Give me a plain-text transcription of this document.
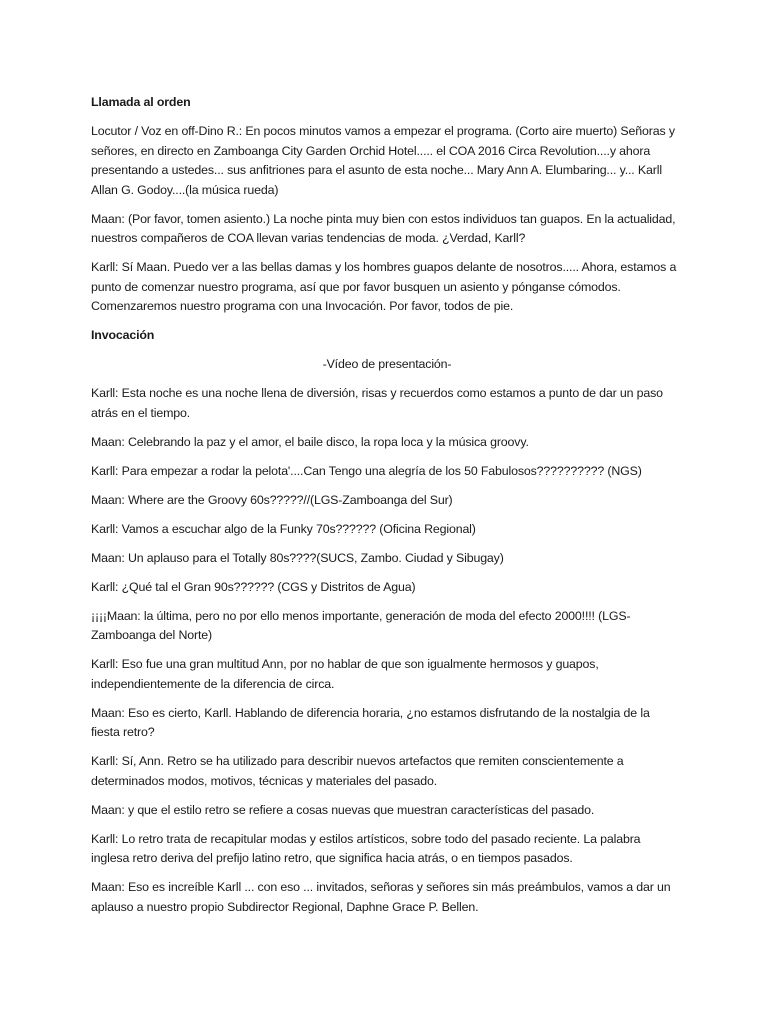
Llamada al orden

Locutor / Voz en off-Dino R.: En pocos minutos vamos a empezar el programa. (Corto aire muerto) Señoras y señores, en directo en Zamboanga City Garden Orchid Hotel..... el COA 2016 Circa Revolution....y ahora presentando a ustedes... sus anfitriones para el asunto de esta noche... Mary Ann A. Elumbaring... y... Karll Allan G. Godoy....(la música rueda)

Maan: (Por favor, tomen asiento.) La noche pinta muy bien con estos individuos tan guapos. En la actualidad, nuestros compañeros de COA llevan varias tendencias de moda. ¿Verdad, Karll?

Karll: Sí Maan. Puedo ver a las bellas damas y los hombres guapos delante de nosotros..... Ahora, estamos a punto de comenzar nuestro programa, así que por favor busquen un asiento y pónganse cómodos. Comenzaremos nuestro programa con una Invocación. Por favor, todos de pie.

Invocación

-Vídeo de presentación-

Karll: Esta noche es una noche llena de diversión, risas y recuerdos como estamos a punto de dar un paso atrás en el tiempo.

Maan: Celebrando la paz y el amor, el baile disco, la ropa loca y la música groovy.

Karll: Para empezar a rodar la pelota'....Can Tengo una alegría de los 50 Fabulosos?????????? (NGS)

Maan: Where are the Groovy 60s?????//(LGS-Zamboanga del Sur)

Karll: Vamos a escuchar algo de la Funky 70s?????? (Oficina Regional)

Maan: Un aplauso para el Totally 80s????(SUCS, Zambo. Ciudad y Sibugay)

Karll: ¿Qué tal el Gran 90s?????? (CGS y Distritos de Agua)

¡¡¡¡Maan: la última, pero no por ello menos importante, generación de moda del efecto 2000!!!! (LGS-Zamboanga del Norte)

Karll: Eso fue una gran multitud Ann, por no hablar de que son igualmente hermosos y guapos, independientemente de la diferencia de circa.

Maan: Eso es cierto, Karll. Hablando de diferencia horaria, ¿no estamos disfrutando de la nostalgia de la fiesta retro?

Karll: Sí, Ann. Retro se ha utilizado para describir nuevos artefactos que remiten conscientemente a determinados modos, motivos, técnicas y materiales del pasado.

Maan: y que el estilo retro se refiere a cosas nuevas que muestran características del pasado.

Karll: Lo retro trata de recapitular modas y estilos artísticos, sobre todo del pasado reciente. La palabra inglesa retro deriva del prefijo latino retro, que significa hacia atrás, o en tiempos pasados.

Maan: Eso es increíble Karll ... con eso ... invitados, señoras y señores sin más preámbulos, vamos a dar un aplauso a nuestro propio Subdirector Regional, Daphne Grace P. Bellen.
